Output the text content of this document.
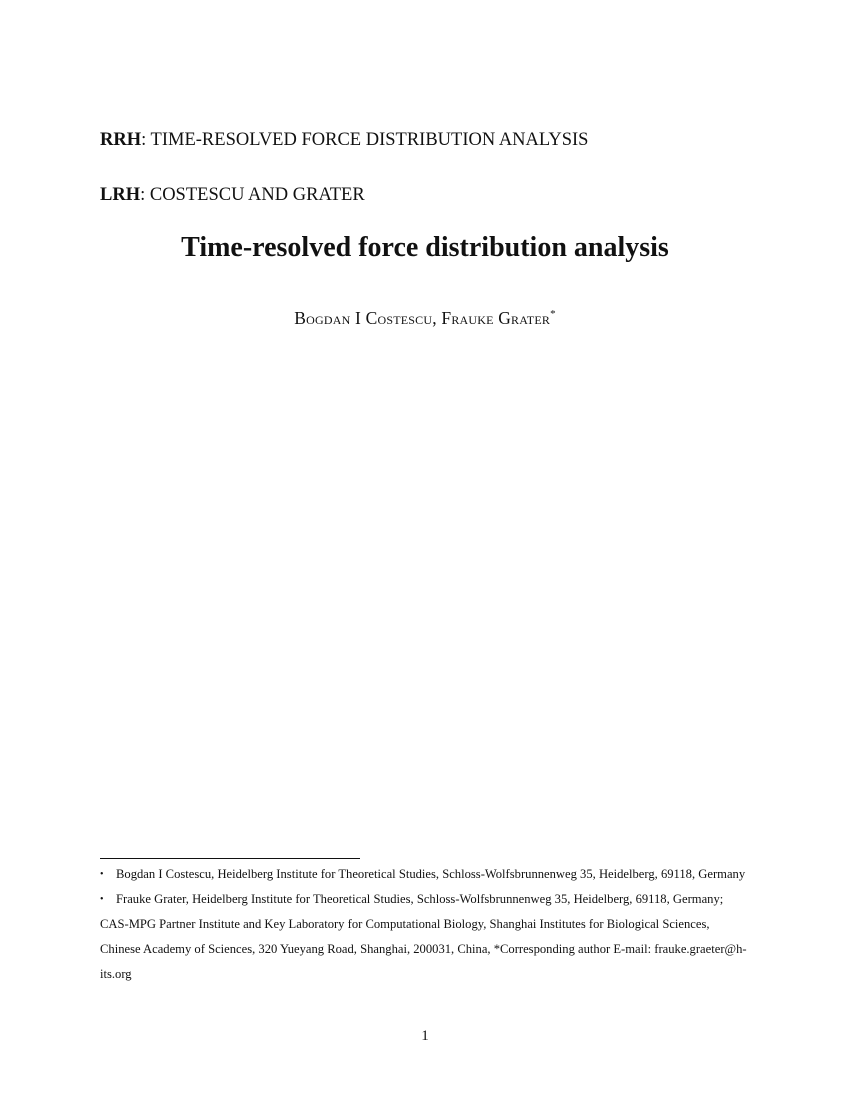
RRH: TIME-RESOLVED FORCE DISTRIBUTION ANALYSIS
LRH: COSTESCU AND GRATER
Time-resolved force distribution analysis
Bogdan I Costescu, Frauke Grater*

• Bogdan I Costescu, Heidelberg Institute for Theoretical Studies, Schloss-Wolfsbrunnenweg 35, Heidelberg, 69118, Germany

• Frauke Grater, Heidelberg Institute for Theoretical Studies, Schloss-Wolfsbrunnenweg 35, Heidelberg, 69118, Germany; CAS-MPG Partner Institute and Key Laboratory for Computational Biology, Shanghai Institutes for Biological Sciences, Chinese Academy of Sciences, 320 Yueyang Road, Shanghai, 200031, China, *Corresponding author E-mail: frauke.graeter@h-its.org

1
